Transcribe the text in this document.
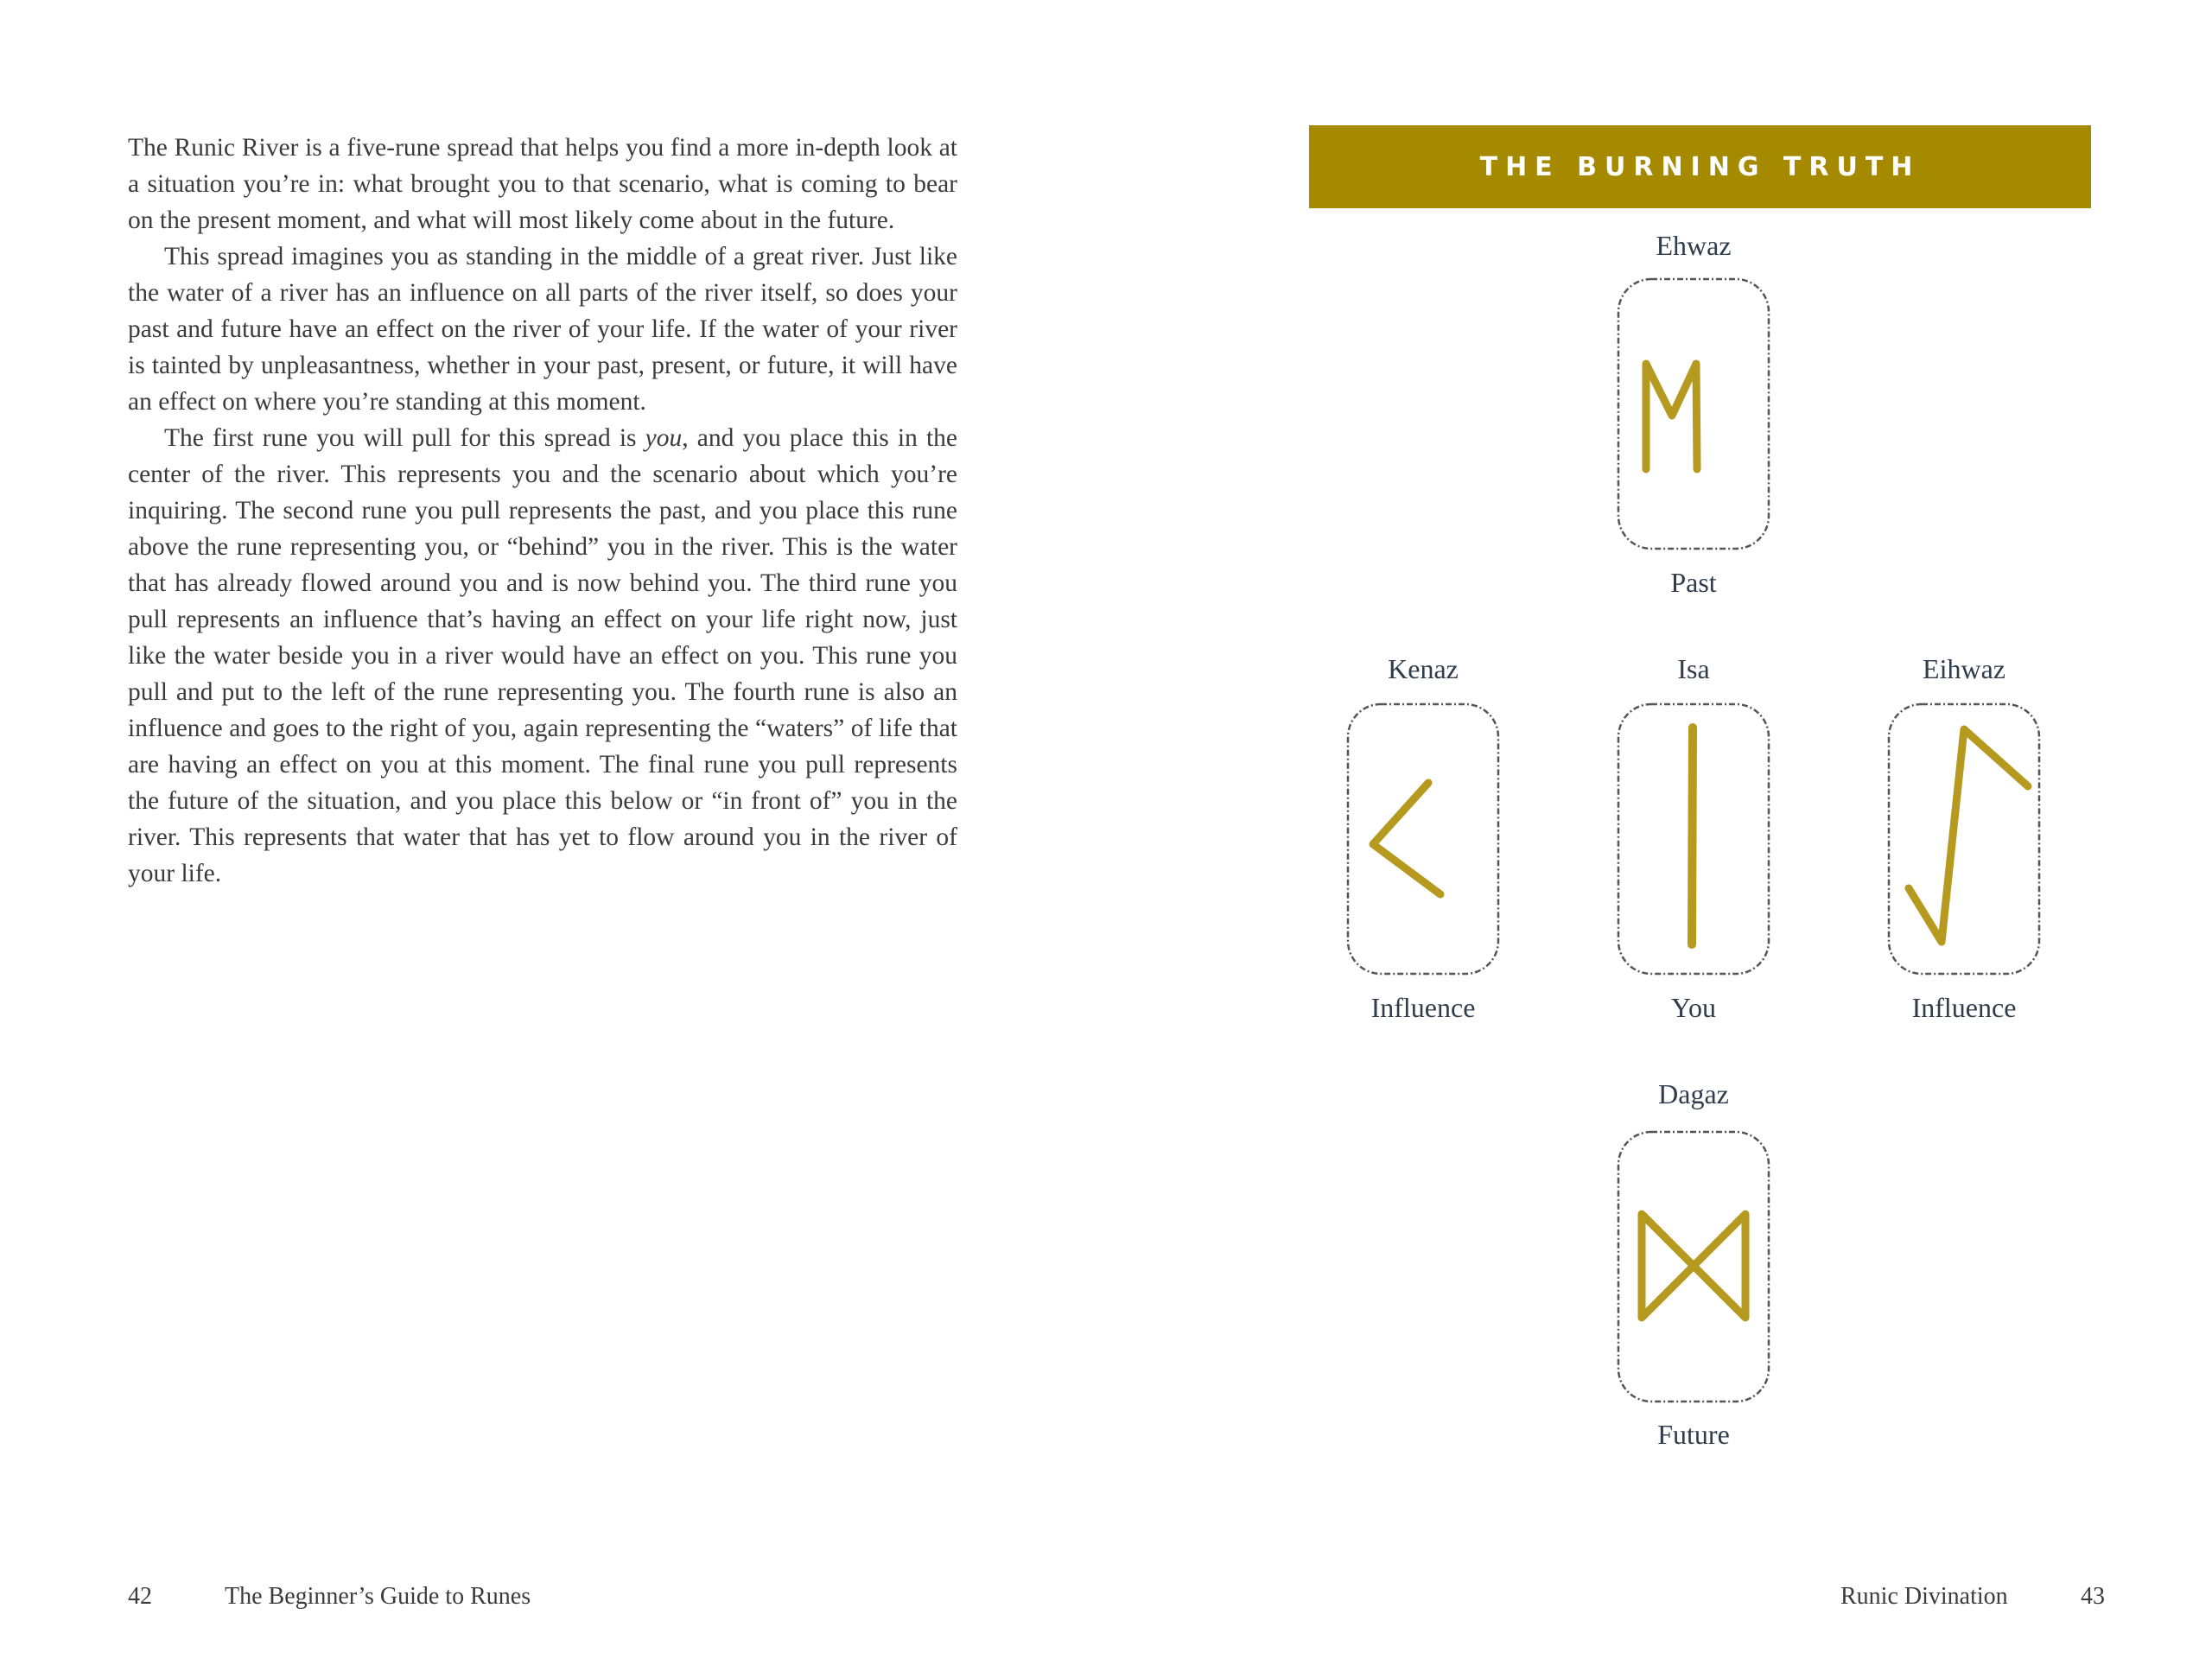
The Runic River is a five-rune spread that helps you find a more in-depth look at a situation you’re in: what brought you to that scenario, what is coming to bear on the present moment, and what will most likely come about in the future.

This spread imagines you as standing in the middle of a great river. Just like the water of a river has an influence on all parts of the river itself, so does your past and future have an effect on the river of your life. If the water of your river is tainted by unpleasantness, whether in your past, present, or future, it will have an effect on where you’re standing at this moment.

The first rune you will pull for this spread is you, and you place this in the center of the river. This represents you and the scenario about which you’re inquiring. The second rune you pull represents the past, and you place this rune above the rune representing you, or “behind” you in the river. This is the water that has already flowed around you and is now behind you. The third rune you pull represents an influence that’s having an effect on your life right now, just like the water beside you in a river would have an effect on you. This rune you pull and put to the left of the rune representing you. The fourth rune is also an influence and goes to the right of you, again representing the “waters” of life that are having an effect on you at this moment. The final rune you pull represents the future of the situation, and you place this below or “in front of” you in the river. This represents that water that has yet to flow around you in the river of your life.

42	The Beginner’s Guide to Runes
THE BURNING TRUTH
Ehwaz
Past
Kenaz
Influence
Isa
You
Eihwaz
Influence
Dagaz
Future
Runic Divination	43
